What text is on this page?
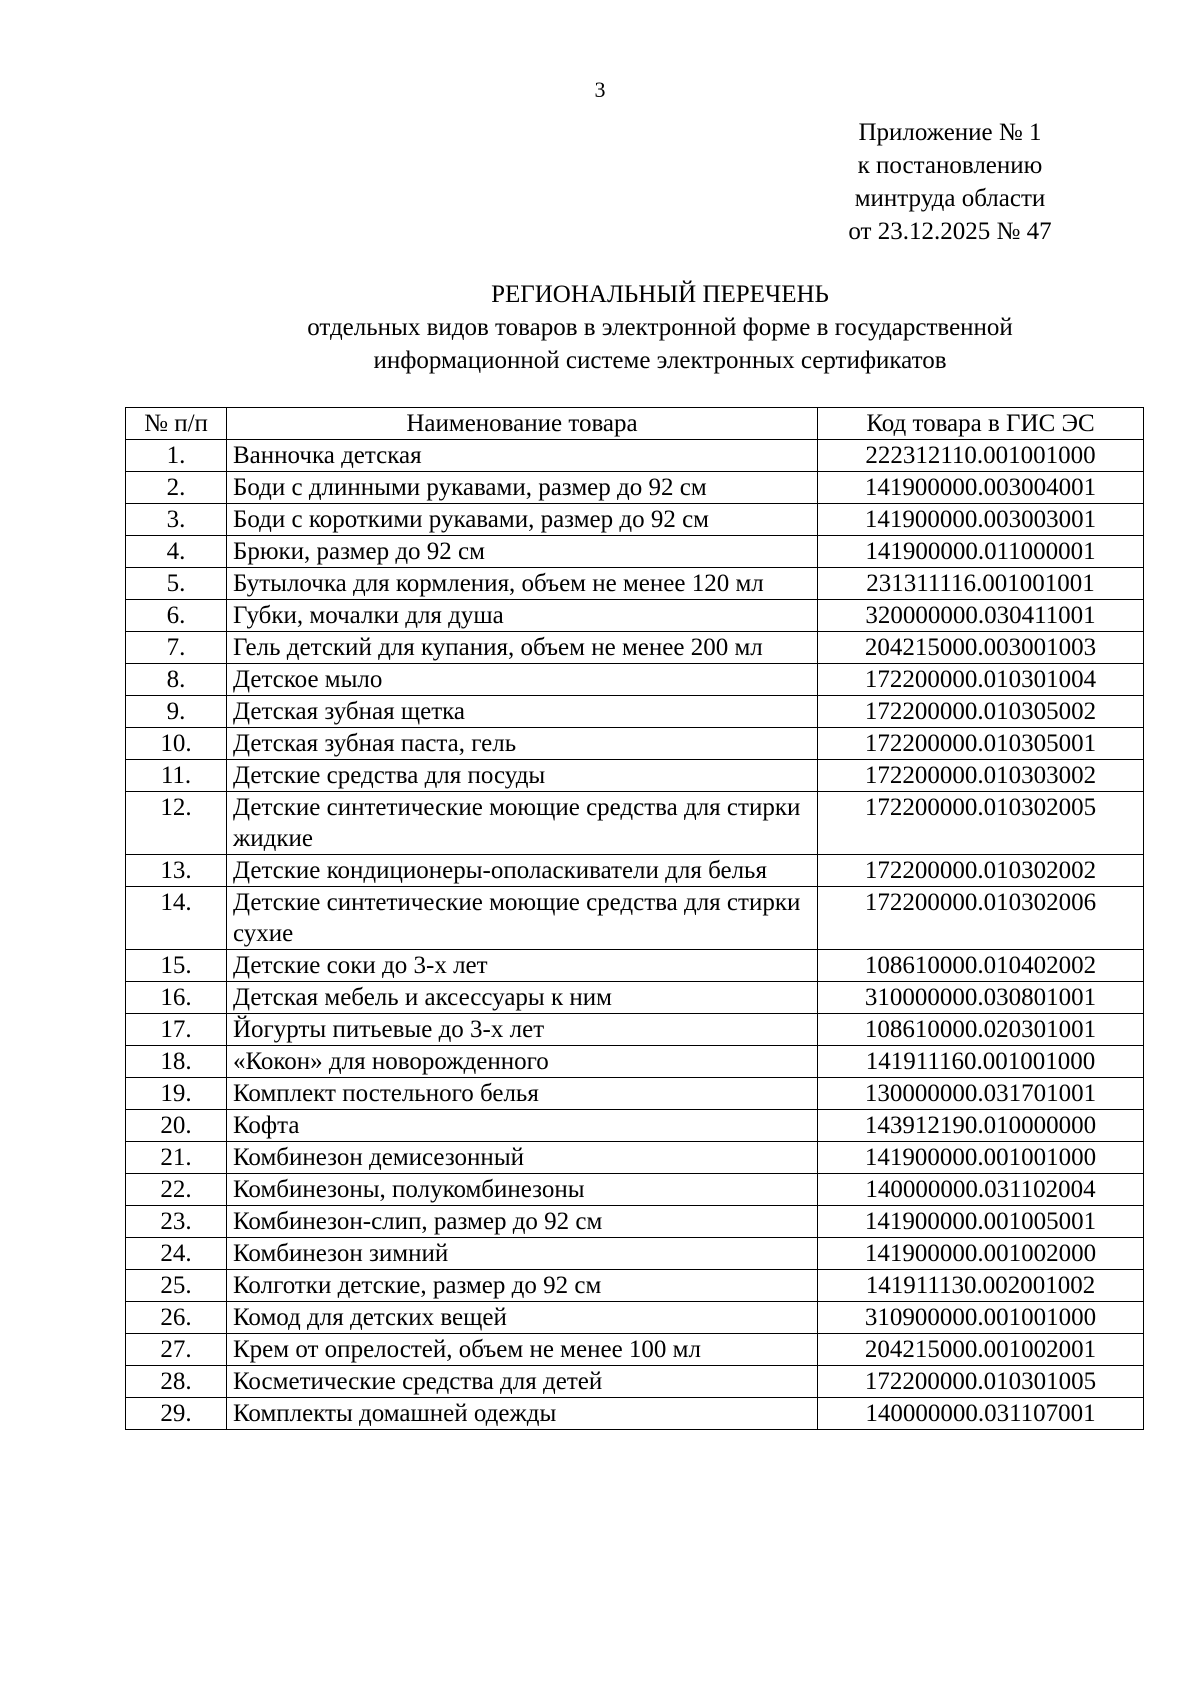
3
Приложение № 1
к постановлению
минтруда области
от 23.12.2025 № 47
РЕГИОНАЛЬНЫЙ ПЕРЕЧЕНЬ
отдельных видов товаров в электронной форме в государственной
информационной системе электронных сертификатов
№ п/п	Наименование товара	Код товара в ГИС ЭС
1.	Ванночка детская	222312110.001001000
2.	Боди с длинными рукавами, размер до 92 см	141900000.003004001
3.	Боди с короткими рукавами, размер до 92 см	141900000.003003001
4.	Брюки, размер до 92 см	141900000.011000001
5.	Бутылочка для кормления, объем не менее 120 мл	231311116.001001001
6.	Губки, мочалки для душа	320000000.030411001
7.	Гель детский для купания, объем не менее 200 мл	204215000.003001003
8.	Детское мыло	172200000.010301004
9.	Детская зубная щетка	172200000.010305002
10.	Детская зубная паста, гель	172200000.010305001
11.	Детские средства для посуды	172200000.010303002
12.	Детские синтетические моющие средства для стирки жидкие	172200000.010302005
13.	Детские кондиционеры-ополаскиватели для белья	172200000.010302002
14.	Детские синтетические моющие средства для стирки сухие	172200000.010302006
15.	Детские соки до 3-х лет	108610000.010402002
16.	Детская мебель и аксессуары к ним	310000000.030801001
17.	Йогурты питьевые до 3-х лет	108610000.020301001
18.	«Кокон» для новорожденного	141911160.001001000
19.	Комплект постельного белья	130000000.031701001
20.	Кофта	143912190.010000000
21.	Комбинезон демисезонный	141900000.001001000
22.	Комбинезоны, полукомбинезоны	140000000.031102004
23.	Комбинезон-слип, размер до 92 см	141900000.001005001
24.	Комбинезон зимний	141900000.001002000
25.	Колготки детские, размер до 92 см	141911130.002001002
26.	Комод для детских вещей	310900000.001001000
27.	Крем от опрелостей, объем не менее 100 мл	204215000.001002001
28.	Косметические средства для детей	172200000.010301005
29.	Комплекты домашней одежды	140000000.031107001
